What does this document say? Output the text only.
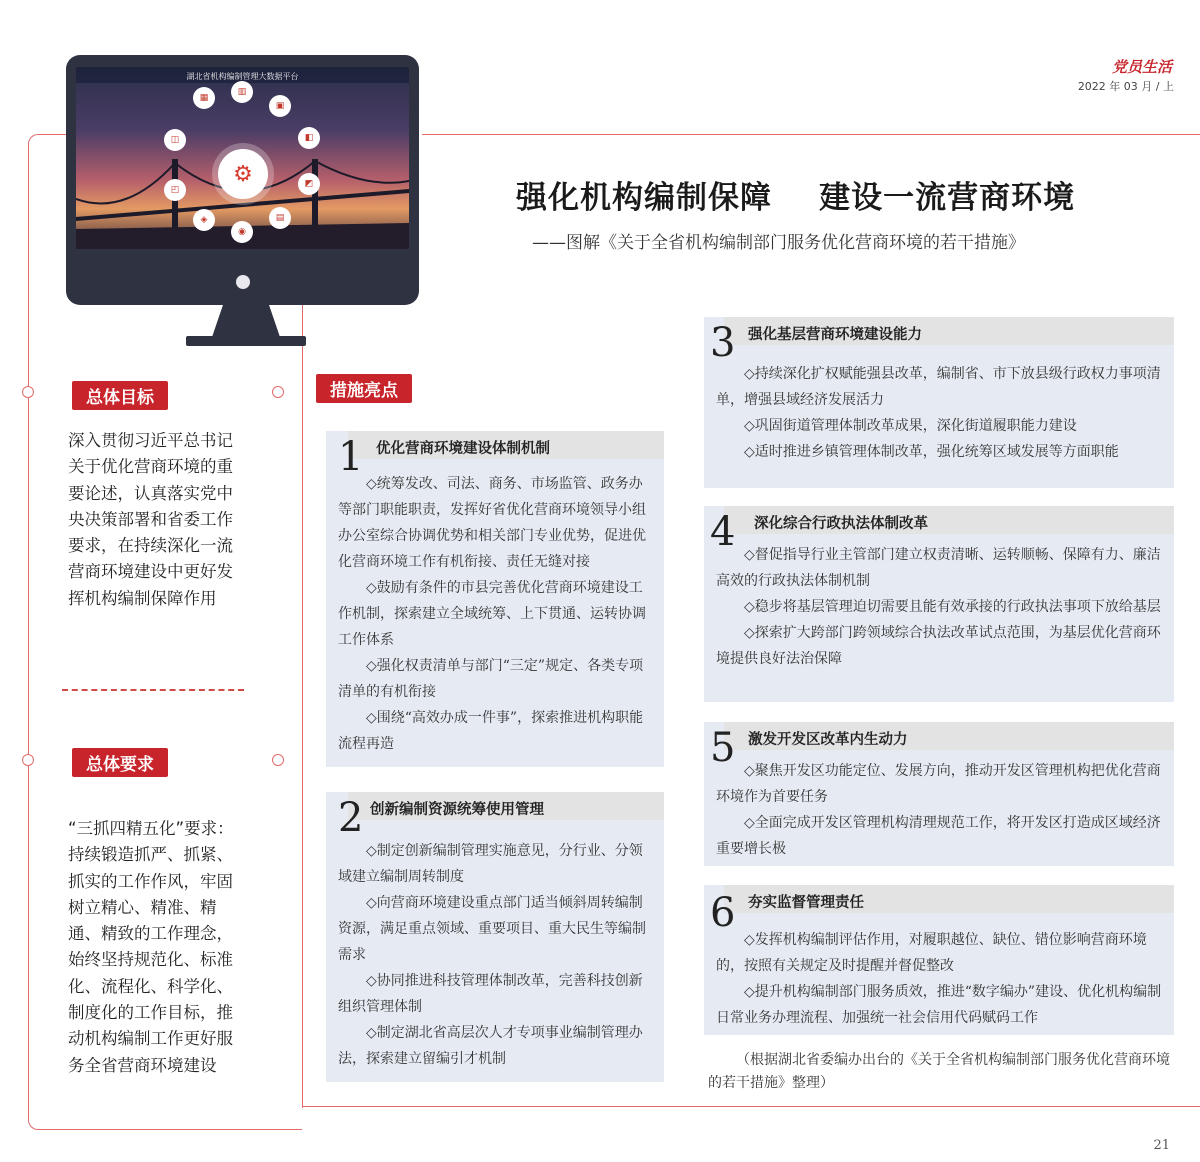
湖北省机构编制管理大数据平台
⚙
▦
▥
▣
◧
◩
▤
◉
◈
◰
◫
党员生活
2022 年 03 月 / 上
强化机构编制保障    建设一流营商环境
——图解《关于全省机构编制部门服务优化营商环境的若干措施》
总体目标
深入贯彻习近平总书记关于优化营商环境的重要论述，认真落实党中央决策部署和省委工作要求，在持续深化一流营商环境建设中更好发挥机构编制保障作用
总体要求
“三抓四精五化”要求：持续锻造抓严、抓紧、抓实的工作作风，牢固树立精心、精准、精通、精致的工作理念，始终坚持规范化、标准化、流程化、科学化、制度化的工作目标，推动机构编制工作更好服务全省营商环境建设
措施亮点
1 优化营商环境建设体制机制

◇统筹发改、司法、商务、市场监管、政务办等部门职能职责，发挥好省优化营商环境领导小组办公室综合协调优势和相关部门专业优势，促进优化营商环境工作有机衔接、责任无缝对接

◇鼓励有条件的市县完善优化营商环境建设工作机制，探索建立全域统筹、上下贯通、运转协调工作体系

◇强化权责清单与部门“三定”规定、各类专项清单的有机衔接

◇围绕“高效办成一件事”，探索推进机构职能流程再造

2 创新编制资源统筹使用管理

◇制定创新编制管理实施意见，分行业、分领域建立编制周转制度

◇向营商环境建设重点部门适当倾斜周转编制资源，满足重点领域、重要项目、重大民生等编制需求

◇协同推进科技管理体制改革，完善科技创新组织管理体制

◇制定湖北省高层次人才专项事业编制管理办法，探索建立留编引才机制

3 强化基层营商环境建设能力

◇持续深化扩权赋能强县改革，编制省、市下放县级行政权力事项清单，增强县域经济发展活力

◇巩固街道管理体制改革成果，深化街道履职能力建设

◇适时推进乡镇管理体制改革，强化统筹区域发展等方面职能

4 深化综合行政执法体制改革

◇督促指导行业主管部门建立权责清晰、运转顺畅、保障有力、廉洁高效的行政执法体制机制

◇稳步将基层管理迫切需要且能有效承接的行政执法事项下放给基层

◇探索扩大跨部门跨领域综合执法改革试点范围，为基层优化营商环境提供良好法治保障

5 激发开发区改革内生动力

◇聚焦开发区功能定位、发展方向，推动开发区管理机构把优化营商环境作为首要任务

◇全面完成开发区管理机构清理规范工作，将开发区打造成区域经济重要增长极

6 夯实监督管理责任

◇发挥机构编制评估作用，对履职越位、缺位、错位影响营商环境的，按照有关规定及时提醒并督促整改

◇提升机构编制部门服务质效，推进“数字编办”建设、优化机构编制日常业务办理流程、加强统一社会信用代码赋码工作

（根据湖北省委编办出台的《关于全省机构编制部门服务优化营商环境的若干措施》整理）
21
